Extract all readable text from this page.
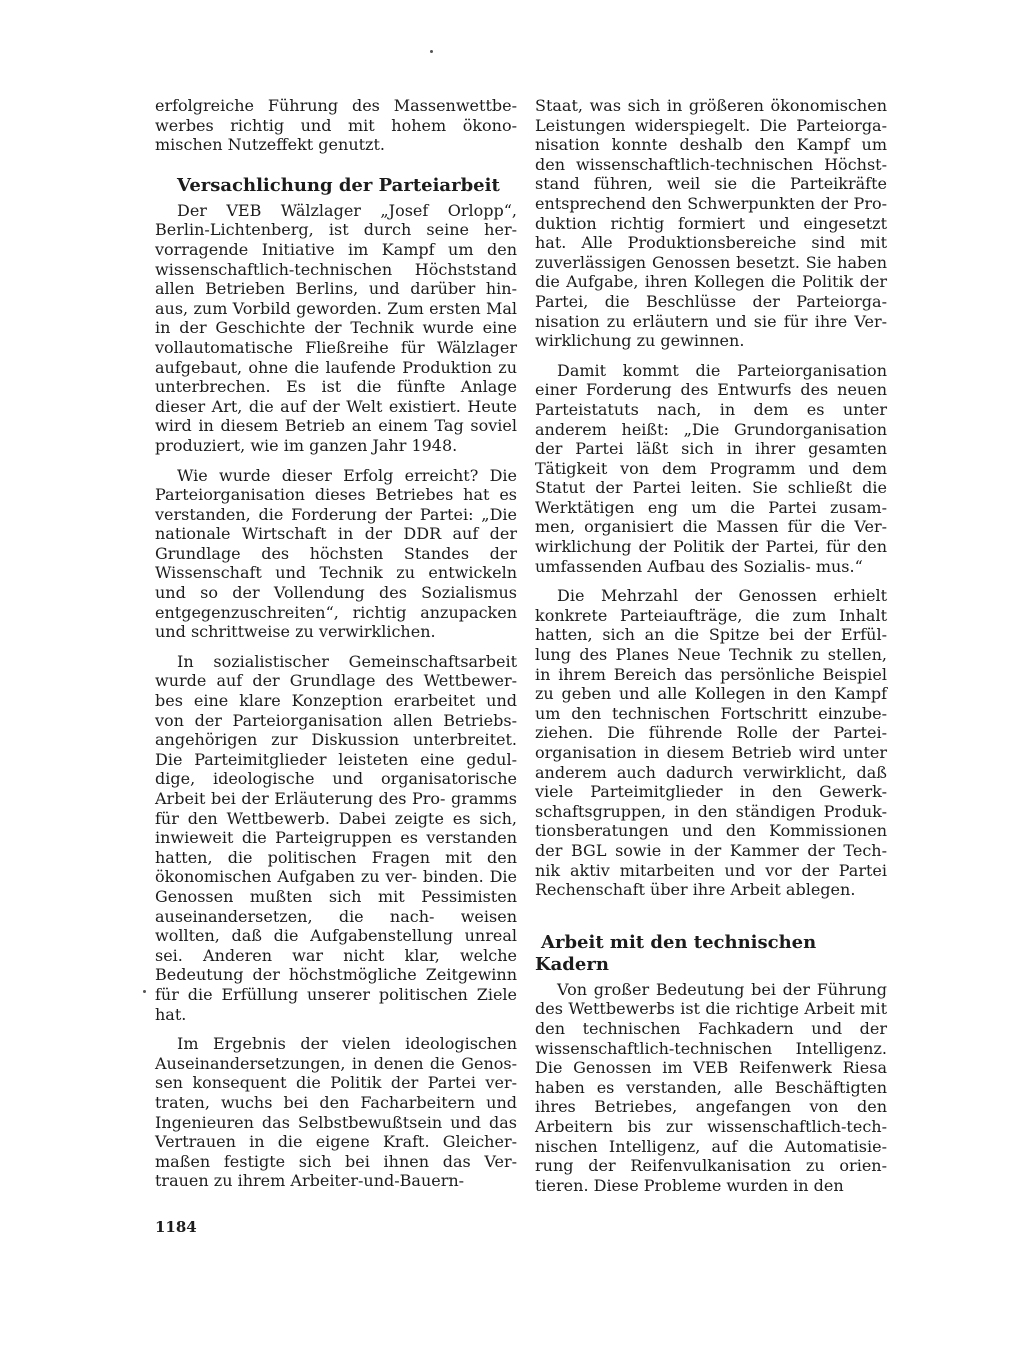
erfolgreiche Führung des Massenwettbe- werbes richtig und mit hohem ökono- mischen Nutzeffekt genutzt.

Versachlichung der Parteiarbeit

Der VEB Wälzlager „Josef Orlopp“, Berlin-Lichtenberg, ist durch seine her- vorragende Initiative im Kampf um den wissenschaftlich-technischen Höchststand allen Betrieben Berlins, und darüber hin- aus, zum Vorbild geworden. Zum ersten Mal in der Geschichte der Technik wurde eine vollautomatische Fließreihe für Wälzlager aufgebaut, ohne die laufende Produktion zu unterbrechen. Es ist die fünfte Anlage dieser Art, die auf der Welt existiert. Heute wird in diesem Betrieb an einem Tag soviel produziert, wie im ganzen Jahr 1948.

Wie wurde dieser Erfolg erreicht? Die Parteiorganisation dieses Betriebes hat es verstanden, die Forderung der Partei: „Die nationale Wirtschaft in der DDR auf der Grundlage des höchsten Standes der Wissenschaft und Technik zu entwickeln und so der Vollendung des Sozialismus entgegenzuschreiten“, richtig anzupacken und schrittweise zu verwirklichen.

In sozialistischer Gemeinschaftsarbeit wurde auf der Grundlage des Wettbewer- bes eine klare Konzeption erarbeitet und von der Parteiorganisation allen Betriebs- angehörigen zur Diskussion unterbreitet. Die Parteimitglieder leisteten eine gedul- dige, ideologische und organisatorische Arbeit bei der Erläuterung des Pro- gramms für den Wettbewerb. Dabei zeigte es sich, inwieweit die Parteigruppen es verstanden hatten, die politischen Fragen mit den ökonomischen Aufgaben zu ver- binden. Die Genossen mußten sich mit Pessimisten auseinandersetzen, die nach- weisen wollten, daß die Aufgabenstellung unreal sei. Anderen war nicht klar, welche Bedeutung der höchstmögliche Zeitgewinn für die Erfüllung unserer politischen Ziele hat.

Im Ergebnis der vielen ideologischen Auseinandersetzungen, in denen die Genos- sen konsequent die Politik der Partei ver- traten, wuchs bei den Facharbeitern und Ingenieuren das Selbstbewußtsein und das Vertrauen in die eigene Kraft. Gleicher- maßen festigte sich bei ihnen das Ver- trauen zu ihrem Arbeiter-und-Bauern-

Staat, was sich in größeren ökonomischen Leistungen widerspiegelt. Die Parteiorga- nisation konnte deshalb den Kampf um den wissenschaftlich-technischen Höchst- stand führen, weil sie die Parteikräfte entsprechend den Schwerpunkten der Pro- duktion richtig formiert und eingesetzt hat. Alle Produktionsbereiche sind mit zuverlässigen Genossen besetzt. Sie haben die Aufgabe, ihren Kollegen die Politik der Partei, die Beschlüsse der Parteiorga- nisation zu erläutern und sie für ihre Ver- wirklichung zu gewinnen.

Damit kommt die Parteiorganisation einer Forderung des Entwurfs des neuen Parteistatuts nach, in dem es unter anderem heißt: „Die Grundorganisation der Partei läßt sich in ihrer gesamten Tätigkeit von dem Programm und dem Statut der Partei leiten. Sie schließt die Werktätigen eng um die Partei zusam- men, organisiert die Massen für die Ver- wirklichung der Politik der Partei, für den umfassenden Aufbau des Sozialis- mus.“

Die Mehrzahl der Genossen erhielt konkrete Parteiaufträge, die zum Inhalt hatten, sich an die Spitze bei der Erfül- lung des Planes Neue Technik zu stellen, in ihrem Bereich das persönliche Beispiel zu geben und alle Kollegen in den Kampf um den technischen Fortschritt einzube- ziehen. Die führende Rolle der Partei- organisation in diesem Betrieb wird unter anderem auch dadurch verwirklicht, daß viele Parteimitglieder in den Gewerk- schaftsgruppen, in den ständigen Produk- tionsberatungen und den Kommissionen der BGL sowie in der Kammer der Tech- nik aktiv mitarbeiten und vor der Partei Rechenschaft über ihre Arbeit ablegen.

Arbeit mit den technischen Kadern

Von großer Bedeutung bei der Führung des Wettbewerbs ist die richtige Arbeit mit den technischen Fachkadern und der wissenschaftlich-technischen Intelligenz. Die Genossen im VEB Reifenwerk Riesa haben es verstanden, alle Beschäftigten ihres Betriebes, angefangen von den Arbeitern bis zur wissenschaftlich-tech- nischen Intelligenz, auf die Automatisie- rung der Reifenvulkanisation zu orien- tieren. Diese Probleme wurden in den

1184
